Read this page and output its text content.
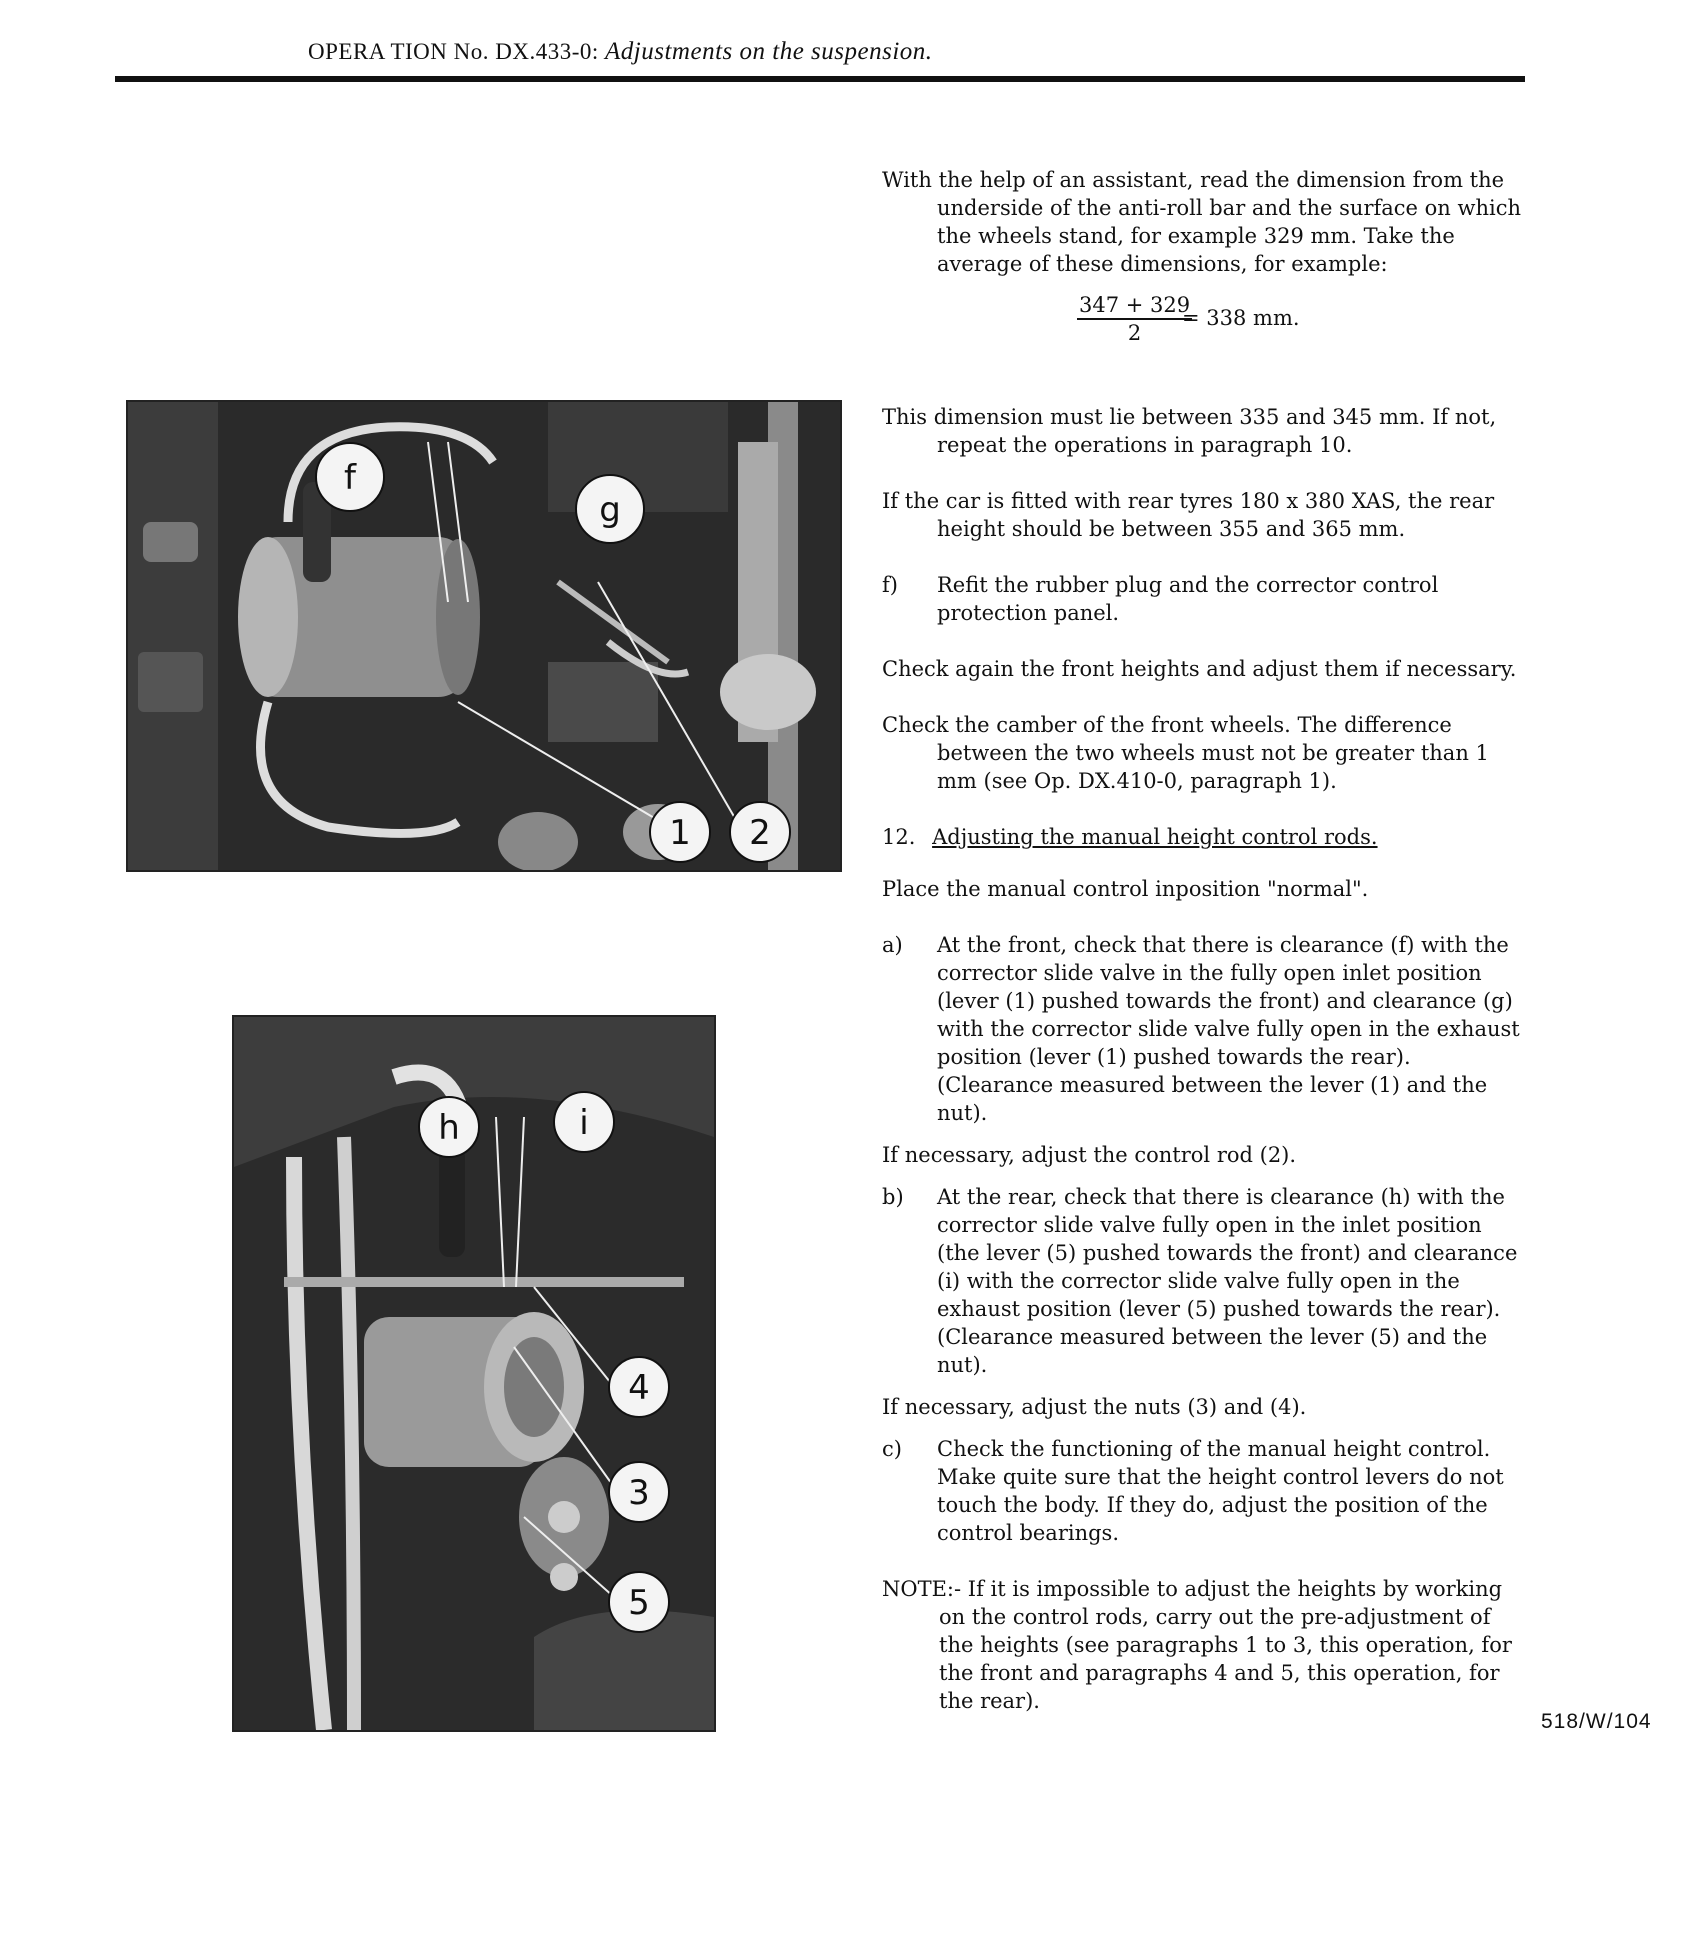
OPERA TION No. DX.433-0: Adjustments on the suspension.
f
g
1 2
h	i
4
3
5

With the help of an assistant, read the dimension from the underside of the anti-roll bar and the surface on which the wheels stand, for example 329 mm. Take the average of these dimensions, for example:

$\frac{347 + 329}{2}$
= 338 mm.

This dimension must lie between 335 and 345 mm. If not, repeat the operations in paragraph 10.

If the car is fitted with rear tyres 180 x 380 XAS, the rear height should be between 355 and 365 mm.

f) Refit the rubber plug and the corrector control protection panel.

Check again the front heights and adjust them if necessary.

Check the camber of the front wheels. The difference between the two wheels must not be greater than 1 mm (see Op. DX.410-0, paragraph 1).

12. Adjusting the manual height control rods.

Place the manual control inposition "normal".

a) At the front, check that there is clearance (f) with the corrector slide valve in the fully open inlet position (lever (1) pushed towards the front) and clearance (g) with the corrector slide valve fully open in the exhaust position (lever (1) pushed towards the rear). (Clearance measured between the lever (1) and the nut).

If necessary, adjust the control rod (2).

b) At the rear, check that there is clearance (h) with the corrector slide valve fully open in the inlet position (the lever (5) pushed towards the front) and clearance (i) with the corrector slide valve fully open in the exhaust position (lever (5) pushed towards the rear). (Clearance measured between the lever (5) and the nut).

If necessary, adjust the nuts (3) and (4).

c) Check the functioning of the manual height control. Make quite sure that the height control levers do not touch the body. If they do, adjust the position of the control bearings.

NOTE:- If it is impossible to adjust the heights by working on the control rods, carry out the pre-adjustment of the heights (see paragraphs 1 to 3, this operation, for the front and paragraphs 4 and 5, this operation, for the rear).

518/W/104
